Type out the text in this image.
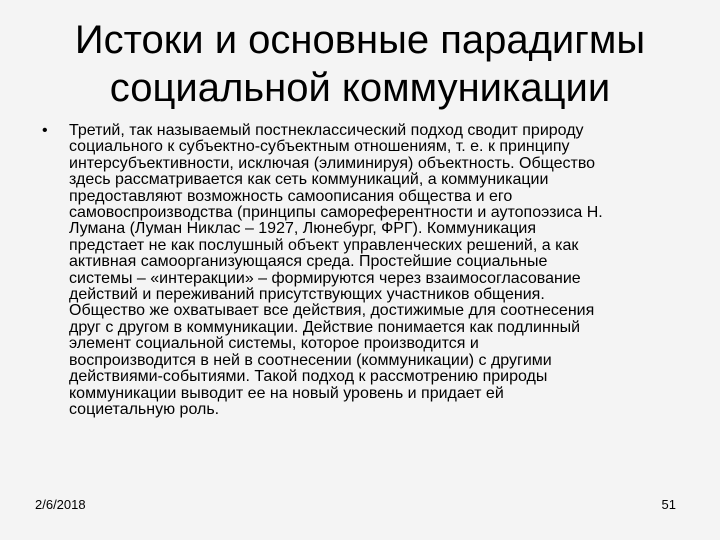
Истоки и основные парадигмы
социальной коммуникации
• Третий, так называемый постнеклассический подход сводит природу
социального к субъектно-субъектным отношениям, т. е. к принципу
интерсубъективности, исключая (элиминируя) объектность. Общество
здесь рассматривается как сеть коммуникаций, а коммуникации
предоставляют возможность самоописания общества и его
самовоспроизводства (принципы самореферентности и аутопоэзиса Н.
Лумана (Луман Никлас – 1927, Люнебург, ФРГ). Коммуникация
предстает не как послушный объект управленческих решений, а как
активная самоорганизующаяся среда. Простейшие социальные
системы – «интеракции» – формируются через взаимосогласование
действий и переживаний присутствующих участников общения.
Общество же охватывает все действия, достижимые для соотнесения
друг с другом в коммуникации. Действие понимается как подлинный
элемент социальной системы, которое производится и
воспроизводится в ней в соотнесении (коммуникации) с другими
действиями-событиями. Такой подход к рассмотрению природы
коммуникации выводит ее на новый уровень и придает ей
социетальную роль.

2/6/2018	51
